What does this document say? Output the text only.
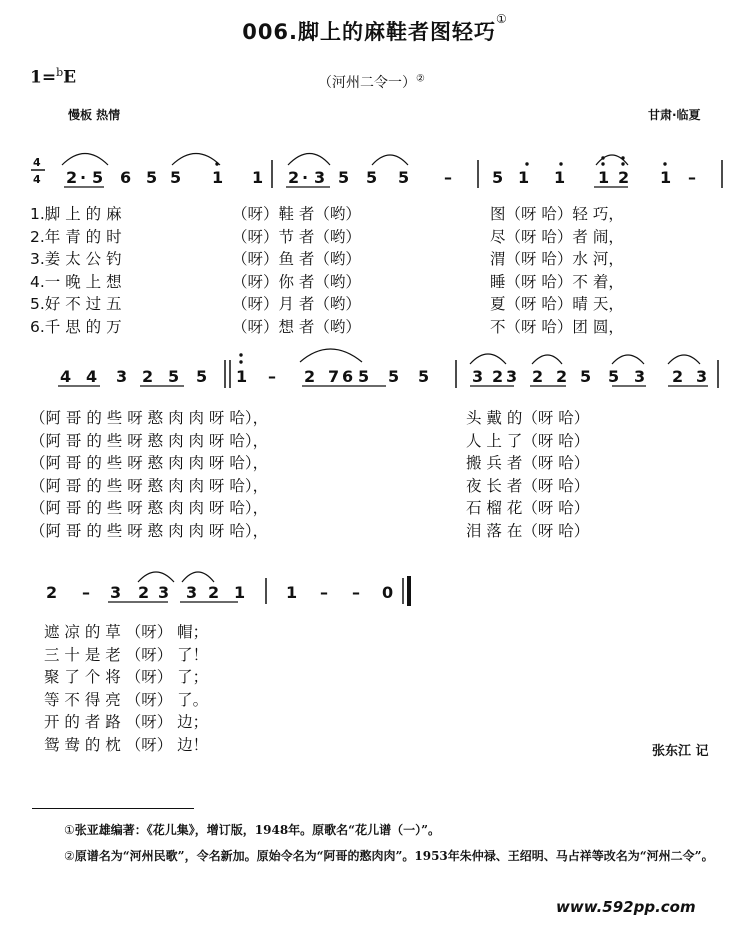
006.脚上的麻鞋者图轻巧①
1=$^b$E	（河州二令一）②
慢板 热情	甘肃·临夏
4
4 2 · 5 6 5 5 1 1 2 · 3 5 5 5 –	5 1 1 1 2 1 –
4 4 3 2 5 5 1 – 2 7 6 5 5 5	3 2 3 2 2 5 5 3 2 3
2 – 3 2 3 3 2 1	1 – – 0
1.脚 上 的 麻	（呀）鞋 者（哟）	图（呀 哈）轻 巧，
2.年 青 的 时	（呀）节 者（哟）	尽（呀 哈）者 闹，
3.姜 太 公 钓	（呀）鱼 者（哟）	渭（呀 哈）水 河，
4.一 晚 上 想	（呀）你 者（哟）	睡（呀 哈）不 着，
5.好 不 过 五	（呀）月 者（哟）	夏（呀 哈）晴 天，
6.千 思 的 万	（呀）想 者（哟）	不（呀 哈）团 圆，
（阿 哥 的 些 呀 憨 肉 肉 呀 哈），	头 戴 的（呀 哈）
（阿 哥 的 些 呀 憨 肉 肉 呀 哈），	人 上 了（呀 哈）
（阿 哥 的 些 呀 憨 肉 肉 呀 哈），	搬 兵 者（呀 哈）
（阿 哥 的 些 呀 憨 肉 肉 呀 哈），	夜 长 者（呀 哈）
（阿 哥 的 些 呀 憨 肉 肉 呀 哈），	石 榴 花（呀 哈）
（阿 哥 的 些 呀 憨 肉 肉 呀 哈），	泪 落 在（呀 哈）
遮 凉 的 草 （呀） 帽；
三 十 是 老 （呀） 了！
聚 了 个 将 （呀） 了；
等 不 得 亮 （呀） 了。
开 的 者 路 （呀） 边；
鸳 鸯 的 枕 （呀） 边！	张东江 记
①张亚雄编著：《花儿集》，增订版，1948年。原歌名“花儿谱（一）”。
②原谱名为“河州民歌”，令名新加。原始令名为“阿哥的憨肉肉”。1953年朱仲禄、王绍明、马占祥等改名为“河州二令”。
www.592pp.com
